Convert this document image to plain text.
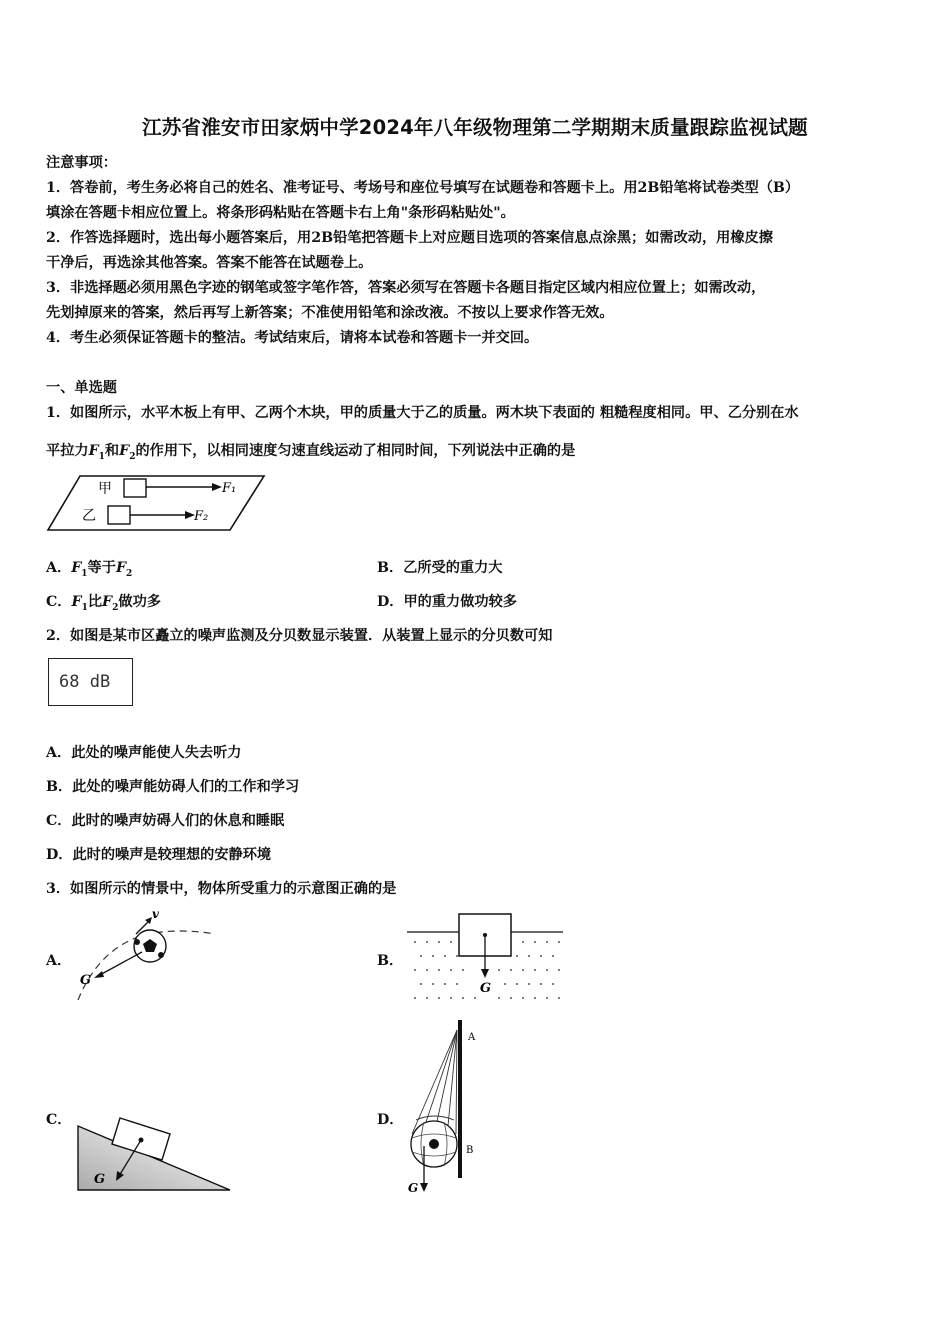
江苏省淮安市田家炳中学2024年八年级物理第二学期期末质量跟踪监视试题
注意事项：
1．答卷前，考生务必将自己的姓名、准考证号、考场号和座位号填写在试题卷和答题卡上。用2B铅笔将试卷类型（B）
填涂在答题卡相应位置上。将条形码粘贴在答题卡右上角"条形码粘贴处"。
2．作答选择题时，选出每小题答案后，用2B铅笔把答题卡上对应题目选项的答案信息点涂黑；如需改动，用橡皮擦
干净后，再选涂其他答案。答案不能答在试题卷上。
3．非选择题必须用黑色字迹的钢笔或签字笔作答，答案必须写在答题卡各题目指定区域内相应位置上；如需改动，
先划掉原来的答案，然后再写上新答案；不准使用铅笔和涂改液。不按以上要求作答无效。
4．考生必须保证答题卡的整洁。考试结束后，请将本试卷和答题卡一并交回。
一、单选题
1．如图所示，水平木板上有甲、乙两个木块，甲的质量大于乙的质量。两木块下表面的 粗糙程度相同。甲、乙分别在水
平拉力$F_1$和$F_2$的作用下，以相同速度匀速直线运动了相同时间，下列说法中正确的是
甲
乙
F₁
F₂
A．$F_1$等于$F_2$	B．乙所受的重力大
C．$F_1$比$F_2$做功多	D．甲的重力做功较多
2．如图是某市区矗立的噪声监测及分贝数显示装置．从装置上显示的分贝数可知
68 dB
A．此处的噪声能使人失去听力
B．此处的噪声能妨碍人们的工作和学习
C．此时的噪声妨碍人们的休息和睡眠
D．此时的噪声是较理想的安静环境
3．如图所示的情景中，物体所受重力的示意图正确的是
A．
v
G
B．
G
C．
G
D．
A
B
G
